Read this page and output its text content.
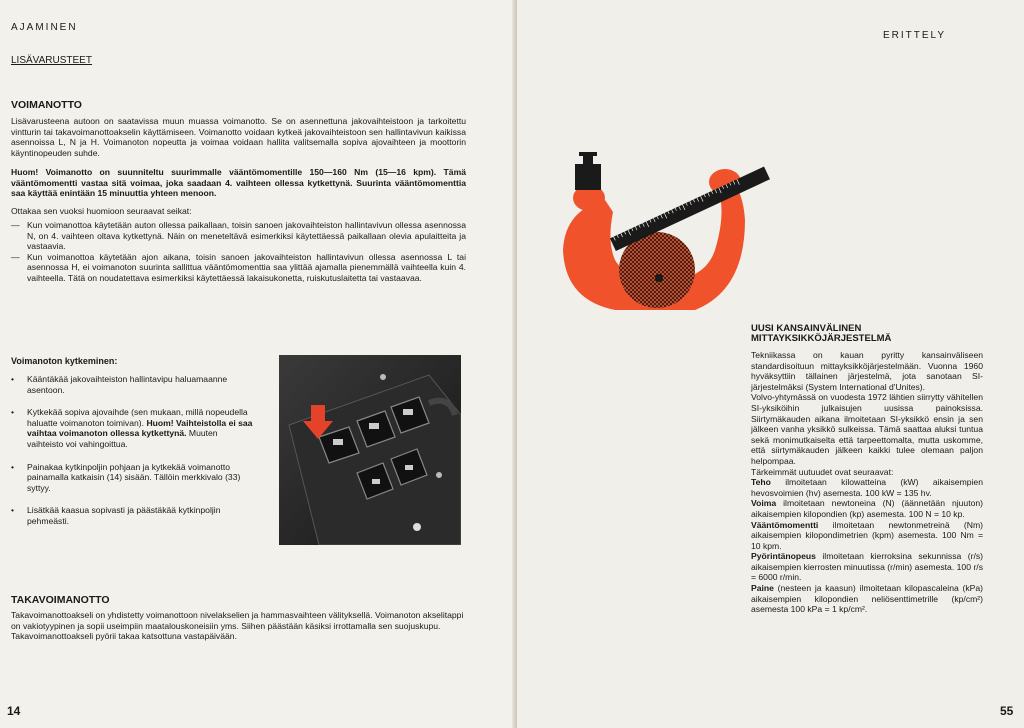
AJAMINEN
LISÄVARUSTEET
VOIMANOTTO

Lisävarusteena autoon on saatavissa muun muassa voimanotto. Se on asennettuna jakovaihteistoon ja tarkoitettu vintturin tai takavoimanottoakselin käyttämiseen. Voimanotto voidaan kytkeä jakovaihteistoon sen hallintavivun kaikissa asennoissa L, N ja H. Voimanoton nopeutta ja voimaa voidaan hallita valitsemalla sopiva ajovaihteen ja moottorin käyntinopeuden suhde.

Huom! Voimanotto on suunniteltu suurimmalle vääntömomentille 150—160 Nm (15—16 kpm). Tämä vääntömomentti vastaa sitä voimaa, joka saadaan 4. vaihteen ollessa kytkettynä. Suurinta vääntömomenttia saa käyttää enintään 15 minuuttia yhteen menoon.

Ottakaa sen vuoksi huomioon seuraavat seikat:

— Kun voimanottoa käytetään auton ollessa paikallaan, toisin sanoen jakovaihteiston hallintavivun ollessa asennossa N, on 4. vaihteen oltava kytkettynä. Näin on meneteltävä esimerkiksi käytettäessä paikallaan olevia apulaitteita ja vastaavia.
— Kun voimanottoa käytetään ajon aikana, toisin sanoen jakovaihteiston hallintavivun ollessa asennossa L tai asennossa H, ei voimanoton suurinta sallittua vääntömomenttia saa ylittää ajamalla pienemmällä vaihteella kuin 4. vaihteella. Tätä on noudatettava esimerkiksi käytettäessä lakaisukonetta, ruiskutuslaitetta tai vastaavaa.
Voimanoton kytkeminen:
• Kääntäkää jakovaihteiston hallintavipu haluamaanne asentoon.
• Kytkekää sopiva ajovaihde (sen mukaan, millä nopeudella haluatte voimanoton toimivan). Huom! Vaihteistolla ei saa vaihtaa voimanoton ollessa kytkettynä. Muuten vaihteisto voi vahingoittua.
• Painakaa kytkinpoljin pohjaan ja kytkekää voimanotto painamalla katkaisin (14) sisään. Tällöin merkkivalo (33) syttyy.
• Lisätkää kaasua sopivasti ja päästäkää kytkinpoljin pehmeästi.
TAKAVOIMANOTTO

Takavoimanottoakseli on yhdistetty voimanottoon nivelakselien ja hammasvaihteen välityksellä. Voimanoton akselitappi on vakiotyypinen ja sopii useimpiin maatalouskoneisiin yms. Siihen päästään käsiksi irrottamalla sen suojuskupu. Takavoimanottoakseli pyörii takaa katsottuna vastapäivään.

14
ERITTELY
UUSI KANSAINVÄLINEN
MITTAYKSIKKÖJÄRJESTELMÄ

Tekniikassa on kauan pyritty kansainväliseen standardisoituun mittayksikköjärjestelmään. Vuonna 1960 hyväksyttiin tällainen järjestelmä, jota sanotaan SI-järjestelmäksi (System International d'Unites).

Volvo-yhtymässä on vuodesta 1972 lähtien siirrytty vähitellen SI-yksiköihin julkaisujen uusissa painoksissa. Siirtymäkauden aikana ilmoitetaan SI-yksikkö ensin ja sen jälkeen vanha yksikkö sulkeissa. Tämä saattaa aluksi tuntua sekä monimutkaiselta että tarpeettomalta, mutta uskomme, että siirtymäkauden jälkeen kaikki tulee olemaan paljon helpompaa.

Tärkeimmät uutuudet ovat seuraavat:

Teho ilmoitetaan kilowatteina (kW) aikaisempien hevosvoimien (hv) asemesta. 100 kW = 135 hv.
Voima ilmoitetaan newtoneina (N) (äännetään njuuton) aikaisempien kilopondien (kp) asemesta. 100 N = 10 kp.
Vääntömomentti ilmoitetaan newtonmetreinä (Nm) aikaisempien kilopondimetrien (kpm) asemesta. 100 Nm = 10 kpm.
Pyörintänopeus ilmoitetaan kierroksina sekunnissa (r/s) aikaisempien kierrosten minuutissa (r/min) asemesta. 100 r/s = 6000 r/min.
Paine (nesteen ja kaasun) ilmoitetaan kilopascaleina (kPa) aikaisempien kilopondien neliösenttimetrille (kp/cm²) asemesta 100 kPa = 1 kp/cm².
55
